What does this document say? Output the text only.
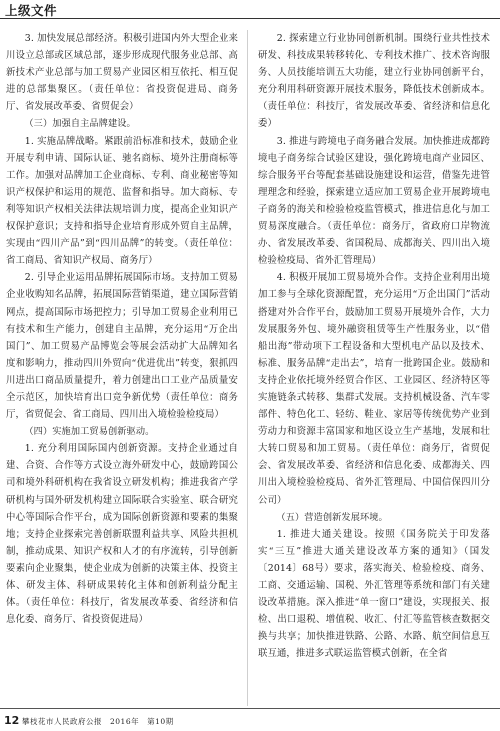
上级文件

3. 加快发展总部经济。积极引进国内外大型企业来川设立总部或区域总部，逐步形成现代服务业总部、高新技术产业总部与加工贸易产业园区相互依托、相互促进的总部集聚区。（责任单位：省投资促进局、商务厅、省发展改革委、省贸促会）

（三）加强自主品牌建设。

1. 实施品牌战略。紧跟前沿标准和技术，鼓励企业开展专利申请、国际认证、驰名商标、境外注册商标等工作。加强对品牌加工企业商标、专利、商业秘密等知识产权保护和运用的规范、监督和指导。加大商标、专利等知识产权相关法律法规培训力度，提高企业知识产权保护意识；支持和指导企业培育形成外贸自主品牌，实现由“四川产品”到“四川品牌”的转变。（责任单位：省工商局、省知识产权局、商务厅）

2. 引导企业运用品牌拓展国际市场。支持加工贸易企业收购知名品牌，拓展国际营销渠道，建立国际营销网点，提高国际市场把控力；引导加工贸易企业利用已有技术和生产能力，创建自主品牌，充分运用“万企出国门”、加工贸易产品博览会等展会活动扩大品牌知名度和影响力，推动四川外贸向“优进优出”转变，狠抓四川进出口商品质量提升，着力创建出口工业产品质量安全示范区，加快培育出口竞争新优势（责任单位：商务厅，省贸促会、省工商局、四川出入境检验检疫局）

（四）实施加工贸易创新驱动。

1. 充分利用国际国内创新资源。支持企业通过自建、合资、合作等方式设立海外研发中心，鼓励跨国公司和境外科研机构在我省设立研发机构；推进我省产学研机构与国外研发机构建立国际联合实验室、联合研究中心等国际合作平台，成为国际创新资源和要素的集聚地；支持企业探索完善创新联盟利益共享、风险共担机制，推动成果、知识产权和人才的有序流转，引导创新要素向企业聚集，使企业成为创新的决策主体、投资主体、研发主体、科研成果转化主体和创新利益分配主体。（责任单位：科技厅，省发展改革委、省经济和信息化委、商务厅、省投资促进局）

2. 探索建立行业协同创新机制。围绕行业共性技术研发、科技成果转移转化、专利技术推广、技术咨询服务、人员技能培训五大功能，建立行业协同创新平台，充分利用科研资源开展技术服务，降低技术创新成本。（责任单位：科技厅，省发展改革委、省经济和信息化委）

3. 推进与跨境电子商务融合发展。加快推进成都跨境电子商务综合试验区建设，强化跨境电商产业园区、综合服务平台等配套基础设施建设和运营，借鉴先进管理理念和经验，探索建立适应加工贸易企业开展跨境电子商务的海关和检验检疫监管模式，推进信息化与加工贸易深度融合。（责任单位：商务厅，省政府口岸物流办、省发展改革委、省国税局、成都海关、四川出入境检验检疫局、省外汇管理局）

4. 积极开展加工贸易境外合作。支持企业利用出境加工参与全球化资源配置，充分运用“万企出国门”活动搭建对外合作平台，鼓励加工贸易开展境外合作，大力发展服务外包、境外融资租赁等生产性服务业，以“借船出海”带动项下工程设备和大型机电产品以及技术、标准、服务品牌“走出去”，培育一批跨国企业。鼓励和支持企业依托境外经贸合作区、工业园区、经济特区等实施链条式转移、集群式发展。支持机械设备、汽车零部件、特色化工、轻纺、鞋业、家居等传统优势产业到劳动力和资源丰富国家和地区设立生产基地，发展和壮大转口贸易和加工贸易。（责任单位：商务厅，省贸促会、省发展改革委、省经济和信息化委、成都海关、四川出入境检验检疫局、省外汇管理局、中国信保四川分公司）

（五）营造创新发展环境。

1. 推进大通关建设。按照《国务院关于印发落实“三互”推进大通关建设改革方案的通知》（国发〔2014〕68号）要求，落实海关、检验检疫、商务、工商、交通运输、国税、外汇管理等系统和部门有关建设改革措施。深入推进“单一窗口”建设，实现报关、报检、出口退税、增值税、收汇、付汇等监管核查数据交换与共享；加快推进铁路、公路、水路、航空间信息互联互通，推进多式联运监管模式创新，在全省

12 攀枝花市人民政府公报　2016年　第10期
